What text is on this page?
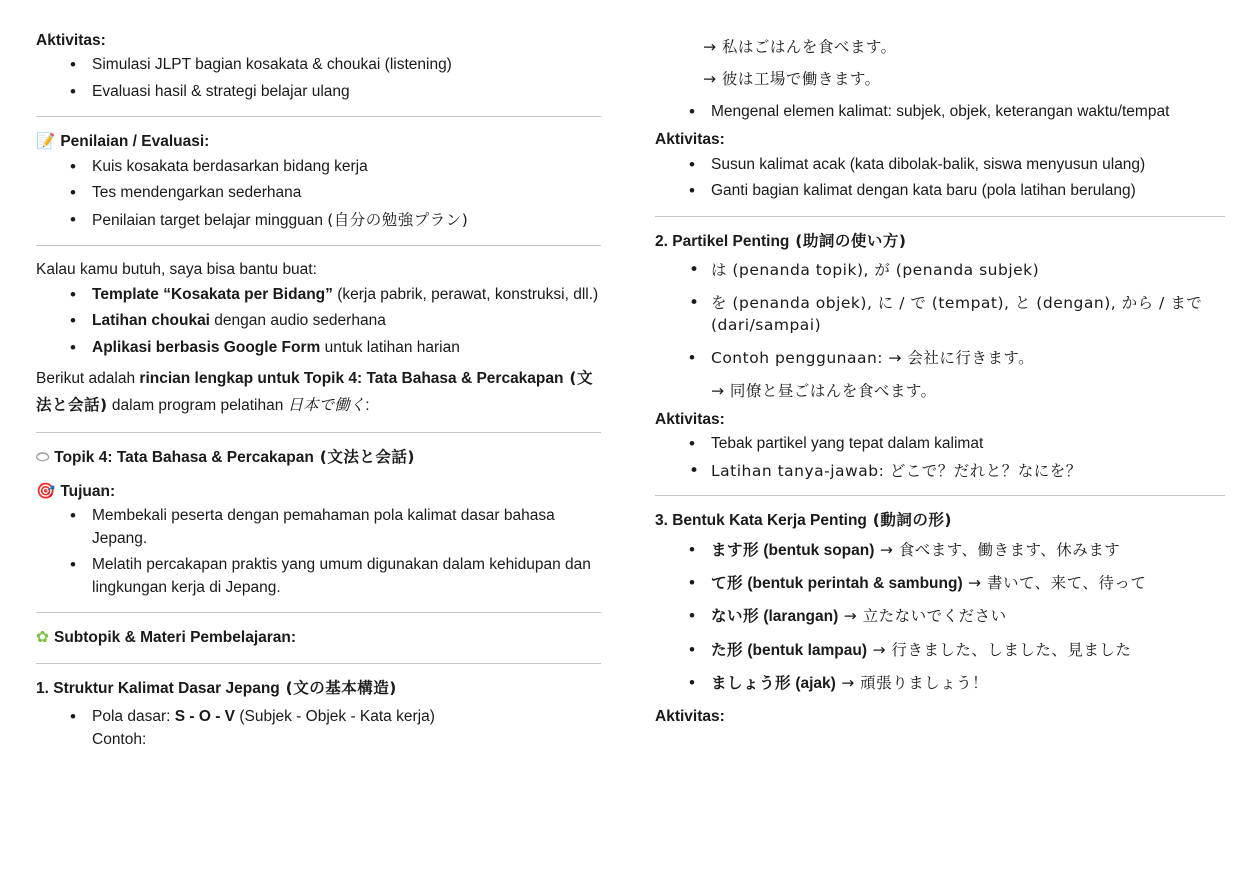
Aktivitas:

• Simulasi JLPT bagian kosakata & choukai (listening)
• Evaluasi hasil & strategi belajar ulang

📝 Penilaian / Evaluasi:

• Kuis kosakata berdasarkan bidang kerja
• Tes mendengarkan sederhana
• Penilaian target belajar mingguan (自分の勉強プラン)

Kalau kamu butuh, saya bisa bantu buat:

• Template “Kosakata per Bidang” (kerja pabrik, perawat, konstruksi, dll.)
• Latihan choukai dengan audio sederhana
• Aplikasi berbasis Google Form untuk latihan harian

Berikut adalah rincian lengkap untuk Topik 4: Tata Bahasa & Percakapan (文法と会話) dalam program pelatihan 日本で働く:

⬭ Topik 4: Tata Bahasa & Percakapan (文法と会話)

🎯 Tujuan:

• Membekali peserta dengan pemahaman pola kalimat dasar bahasa Jepang.
• Melatih percakapan praktis yang umum digunakan dalam kehidupan dan lingkungan kerja di Jepang.

✿ Subtopik & Materi Pembelajaran:

1. Struktur Kalimat Dasar Jepang (文の基本構造)

• Pola dasar: S - O - V (Subjek - Objek - Kata kerja)
Contoh:

→ 私はごはんを食べます。

→ 彼は工場で働きます。

• Mengenal elemen kalimat: subjek, objek, keterangan waktu/tempat

Aktivitas:

• Susun kalimat acak (kata dibolak-balik, siswa menyusun ulang)
• Ganti bagian kalimat dengan kata baru (pola latihan berulang)

2. Partikel Penting (助詞の使い方)

• は (penanda topik), が (penanda subjek)
• を (penanda objek), に / で (tempat), と (dengan), から / まで (dari/sampai)
• Contoh penggunaan: → 会社に行きます。
→ 同僚と昼ごはんを食べます。

Aktivitas:

• Tebak partikel yang tepat dalam kalimat
• Latihan tanya-jawab: どこで？だれと？なにを？

3. Bentuk Kata Kerja Penting (動詞の形)

• ます形 (bentuk sopan) → 食べます、働きます、休みます
• て形 (bentuk perintah & sambung) → 書いて、来て、待って
• ない形 (larangan) → 立たないでください
• た形 (bentuk lampau) → 行きました、しました、見ました
• ましょう形 (ajak) → 頑張りましょう！

Aktivitas:
